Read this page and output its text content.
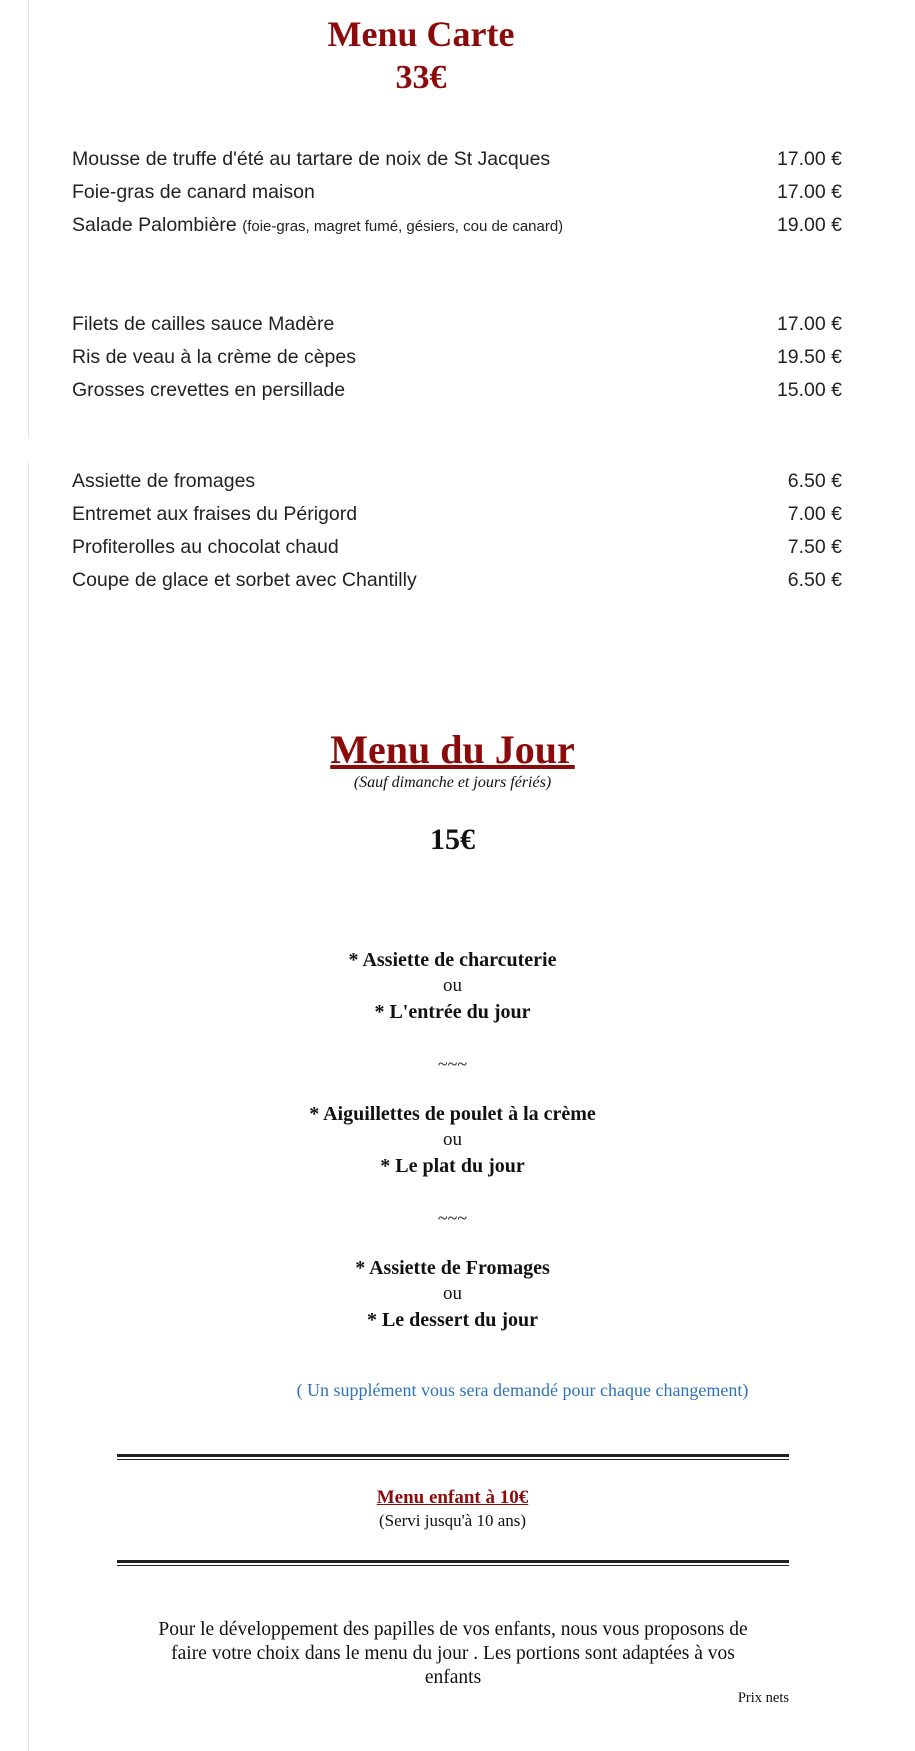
Menu Carte
33€
Mousse de truffe d'été au tartare de noix de St Jacques	17.00 €
Foie-gras de canard maison	17.00 €
Salade Palombière (foie-gras, magret fumé, gésiers, cou de canard)	19.00 €
Filets de cailles sauce Madère	17.00 €
Ris de veau à la crème de cèpes	19.50 €
Grosses crevettes en persillade	15.00 €
Assiette de fromages	6.50 €
Entremet aux fraises du Périgord	7.00 €
Profiterolles au chocolat chaud	7.50 €
Coupe de glace et sorbet avec Chantilly	6.50 €
Menu du Jour
(Sauf dimanche et jours fériés)
15€
* Assiette de charcuterie
ou
* L'entrée du jour
~~~
* Aiguillettes de poulet à la crème
ou
* Le plat du jour
~~~
* Assiette de Fromages
ou
* Le dessert du jour
( Un supplément vous sera demandé pour chaque changement)
Menu enfant à 10€
(Servi jusqu'à 10 ans)
Pour le développement des papilles de vos enfants, nous vous proposons de
faire votre choix dans le menu du jour . Les portions sont adaptées à vos
enfants
Prix nets
